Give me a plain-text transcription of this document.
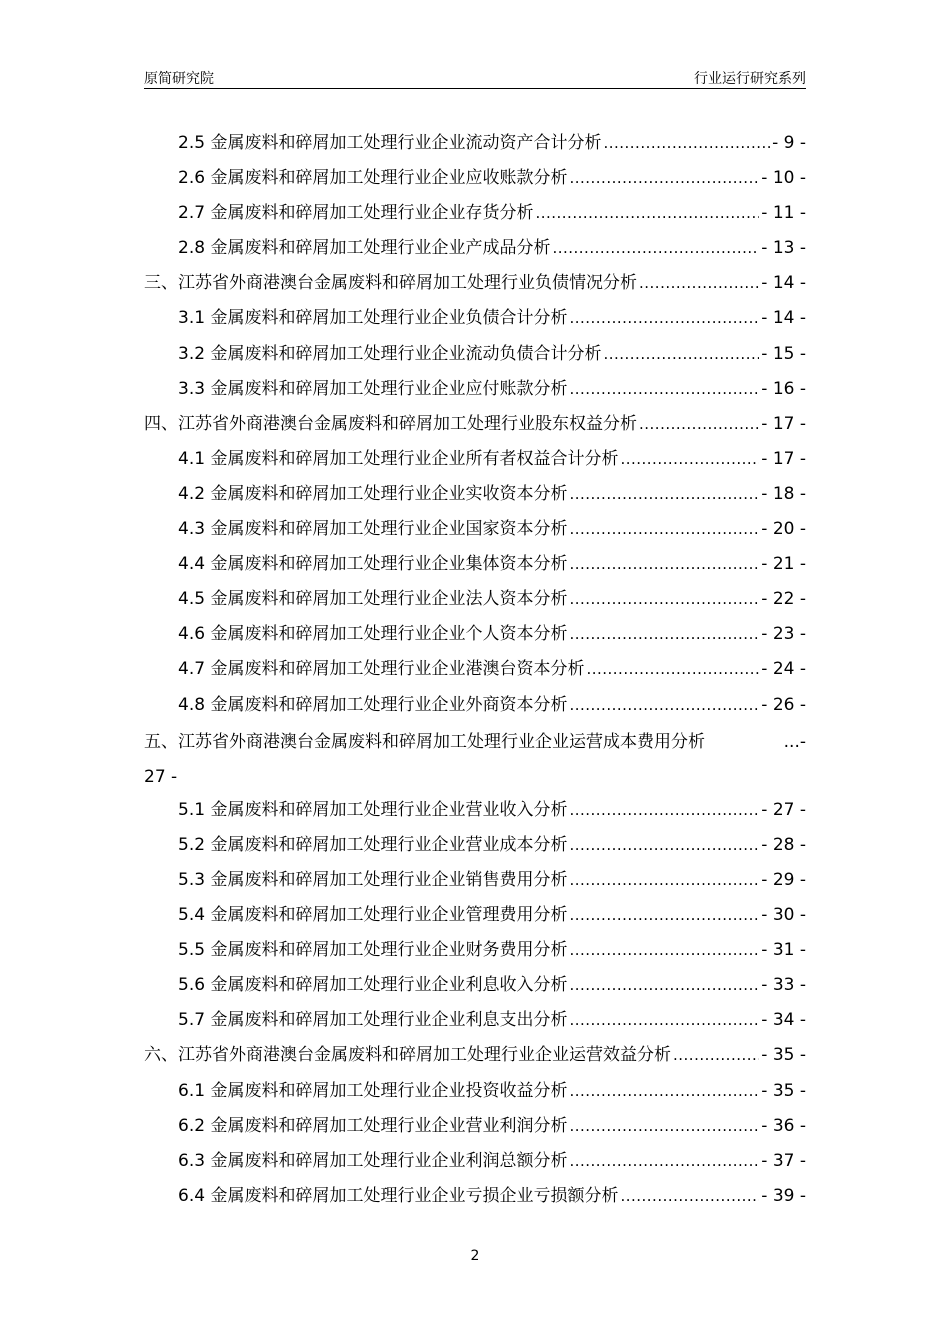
原简研究院	行业运行研究系列
2.5 金属废料和碎屑加工处理行业企业流动资产合计分析 .....	- 9 -
2.6 金属废料和碎屑加工处理行业企业应收账款分析 .....	- 10 -
2.7 金属废料和碎屑加工处理行业企业存货分析 .....	- 11 -
2.8 金属废料和碎屑加工处理行业企业产成品分析 .....	- 13 -
三、江苏省外商港澳台金属废料和碎屑加工处理行业负债情况分析 .....	- 14 -
3.1 金属废料和碎屑加工处理行业企业负债合计分析 .....	- 14 -
3.2 金属废料和碎屑加工处理行业企业流动负债合计分析 .....	- 15 -
3.3 金属废料和碎屑加工处理行业企业应付账款分析 .....	- 16 -
四、江苏省外商港澳台金属废料和碎屑加工处理行业股东权益分析 .....	- 17 -
4.1 金属废料和碎屑加工处理行业企业所有者权益合计分析 .....	- 17 -
4.2 金属废料和碎屑加工处理行业企业实收资本分析 .....	- 18 -
4.3 金属废料和碎屑加工处理行业企业国家资本分析 .....	- 20 -
4.4 金属废料和碎屑加工处理行业企业集体资本分析 .....	- 21 -
4.5 金属废料和碎屑加工处理行业企业法人资本分析 .....	- 22 -
4.6 金属废料和碎屑加工处理行业企业个人资本分析 .....	- 23 -
4.7 金属废料和碎屑加工处理行业企业港澳台资本分析 .....	- 24 -
4.8 金属废料和碎屑加工处理行业企业外商资本分析 .....	- 26 -
五、江苏省外商港澳台金属废料和碎屑加工处理行业企业运营成本费用分析	...-
27 -
5.1 金属废料和碎屑加工处理行业企业营业收入分析 .....	- 27 -
5.2 金属废料和碎屑加工处理行业企业营业成本分析 .....	- 28 -
5.3 金属废料和碎屑加工处理行业企业销售费用分析 .....	- 29 -
5.4 金属废料和碎屑加工处理行业企业管理费用分析 .....	- 30 -
5.5 金属废料和碎屑加工处理行业企业财务费用分析 .....	- 31 -
5.6 金属废料和碎屑加工处理行业企业利息收入分析 .....	- 33 -
5.7 金属废料和碎屑加工处理行业企业利息支出分析 .....	- 34 -
六、江苏省外商港澳台金属废料和碎屑加工处理行业企业运营效益分析 .....	- 35 -
6.1 金属废料和碎屑加工处理行业企业投资收益分析 .....	- 35 -
6.2 金属废料和碎屑加工处理行业企业营业利润分析 .....	- 36 -
6.3 金属废料和碎屑加工处理行业企业利润总额分析 .....	- 37 -
6.4 金属废料和碎屑加工处理行业企业亏损企业亏损额分析 .....	- 39 -
2
